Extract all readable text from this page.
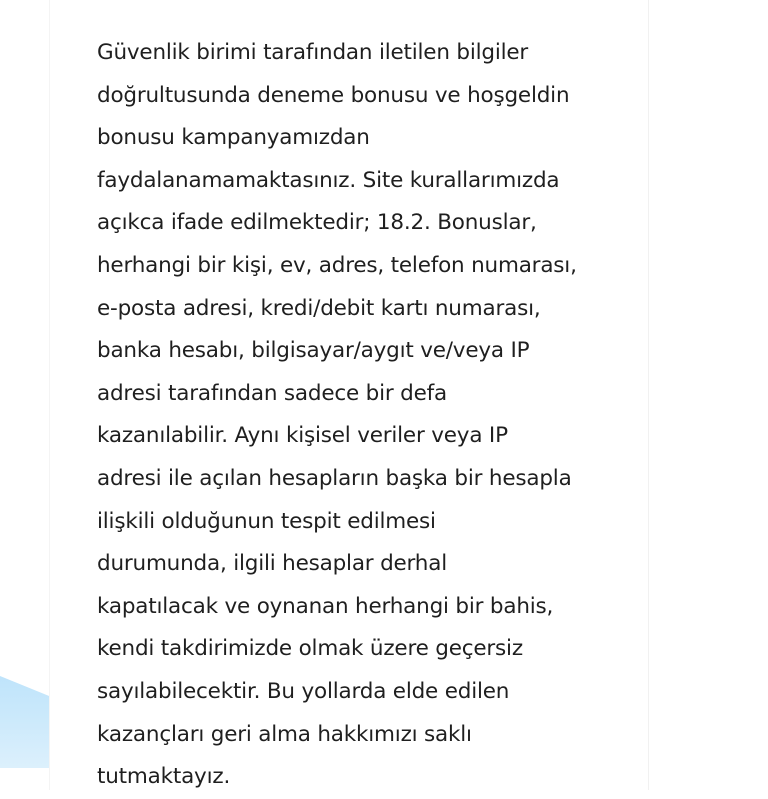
Güvenlik birimi tarafından iletilen bilgiler
doğrultusunda deneme bonusu ve hoşgeldin
bonusu kampanyamızdan
faydalanamamaktasınız. Site kurallarımızda
açıkca ifade edilmektedir; 18.2. Bonuslar,
herhangi bir kişi, ev, adres, telefon numarası,
e-posta adresi, kredi/debit kartı numarası,
banka hesabı, bilgisayar/aygıt ve/veya IP
adresi tarafından sadece bir defa
kazanılabilir. Aynı kişisel veriler veya IP
adresi ile açılan hesapların başka bir hesapla
ilişkili olduğunun tespit edilmesi
durumunda, ilgili hesaplar derhal
kapatılacak ve oynanan herhangi bir bahis,
kendi takdirimizde olmak üzere geçersiz
sayılabilecektir. Bu yollarda elde edilen
kazançları geri alma hakkımızı saklı
tutmaktayız.
